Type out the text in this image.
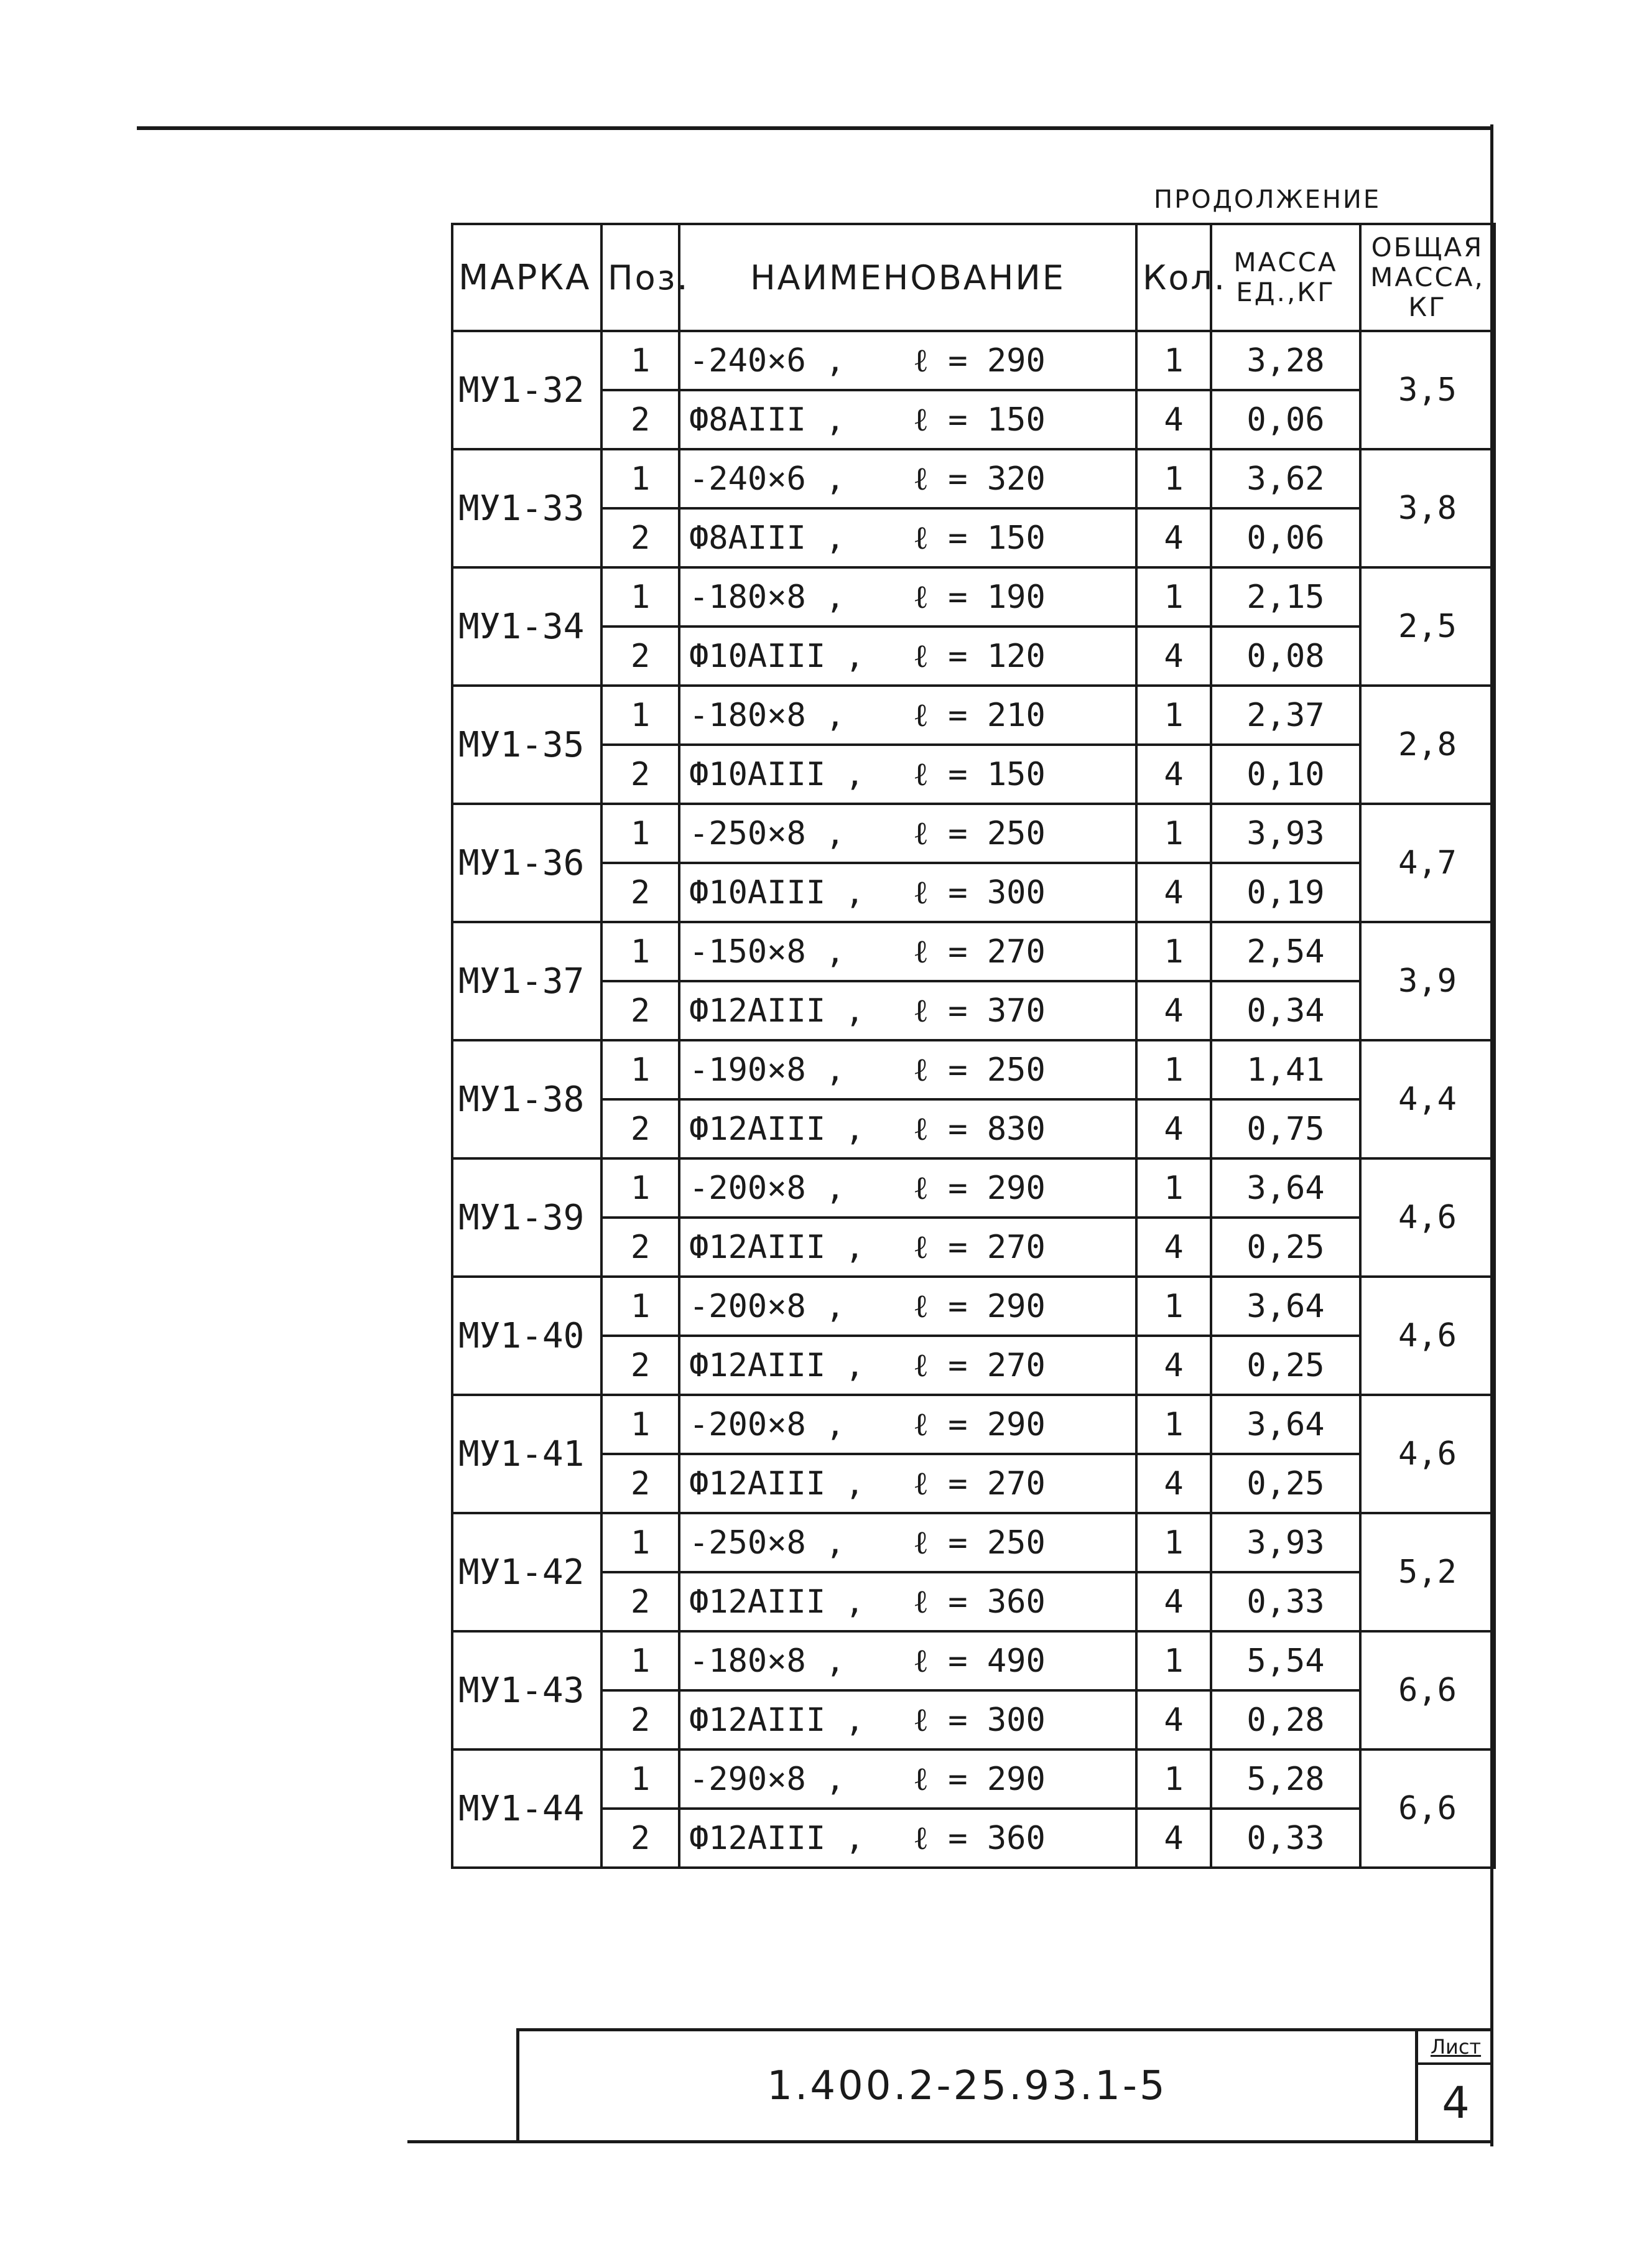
ПРОДОЛЖЕНИЕ
МАРКА	Поз.	НАИМЕНОВАНИЕ	Кол.	МАССА ЕД.,КГ	ОБЩАЯ МАССА, КГ
МУ1-32	1	-240×6 , ℓ = 290	1	3,28	3,5
	2	Ф8АIII , ℓ = 150	4	0,06	
МУ1-33	1	-240×6 , ℓ = 320	1	3,62	3,8
	2	Ф8АIII , ℓ = 150	4	0,06	
МУ1-34	1	-180×8 , ℓ = 190	1	2,15	2,5
	2	Ф10АIII , ℓ = 120	4	0,08	
МУ1-35	1	-180×8 , ℓ = 210	1	2,37	2,8
	2	Ф10АIII , ℓ = 150	4	0,10	
МУ1-36	1	-250×8 , ℓ = 250	1	3,93	4,7
	2	Ф10АIII , ℓ = 300	4	0,19	
МУ1-37	1	-150×8 , ℓ = 270	1	2,54	3,9
	2	Ф12АIII , ℓ = 370	4	0,34	
МУ1-38	1	-190×8 , ℓ = 250	1	1,41	4,4
	2	Ф12АIII , ℓ = 830	4	0,75	
МУ1-39	1	-200×8 , ℓ = 290	1	3,64	4,6
	2	Ф12АIII , ℓ = 270	4	0,25	
МУ1-40	1	-200×8 , ℓ = 290	1	3,64	4,6
	2	Ф12АIII , ℓ = 270	4	0,25	
МУ1-41	1	-200×8 , ℓ = 290	1	3,64	4,6
	2	Ф12АIII , ℓ = 270	4	0,25	
МУ1-42	1	-250×8 , ℓ = 250	1	3,93	5,2
	2	Ф12АIII , ℓ = 360	4	0,33	
МУ1-43	1	-180×8 , ℓ = 490	1	5,54	6,6
	2	Ф12АIII , ℓ = 300	4	0,28	
МУ1-44	1	-290×8 , ℓ = 290	1	5,28	6,6
	2	Ф12АIII , ℓ = 360	4	0,33	
1.400.2-25.93.1-5
Лист
4
